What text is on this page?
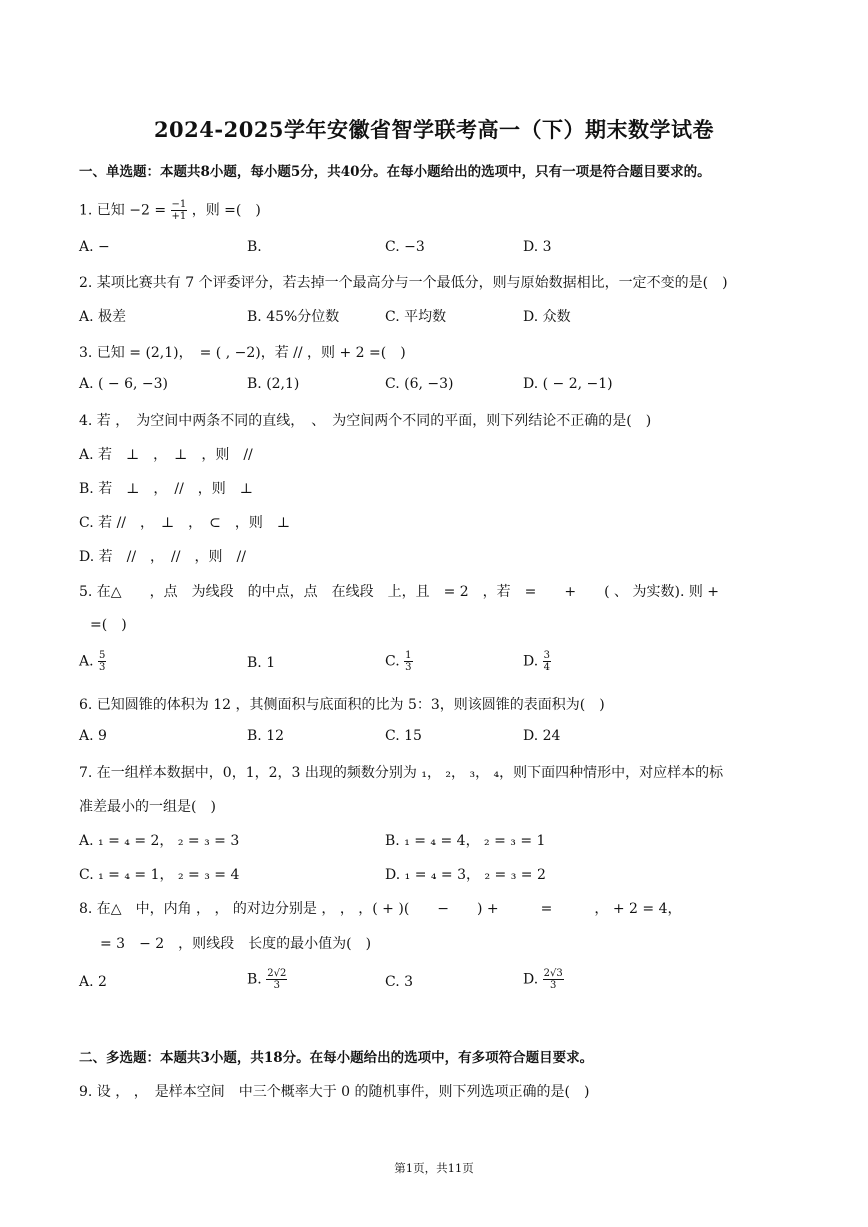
2024-2025学年安徽省智学联考高一（下）期末数学试卷
一、单选题：本题共8小题，每小题5分，共40分。在每小题给出的选项中，只有一项是符合题目要求的。
1. 已知 $-2 = \frac{-1}{+1}$ ，则 =(　)
A. −	B.	C. −3	D. 3
2. 某项比赛共有 7 个评委评分，若去掉一个最高分与一个最低分，则与原始数据相比，一定不变的是(　)
A. 极差	B. 45%分位数	C. 平均数	D. 众数
3. 已知 = (2,1)，　= ( , −2)，若 // ，则 + 2 =(　)
A. ( − 6, −3)	B. (2,1)	C. (6, −3)	D. ( − 2, −1)
4. 若 ，　为空间中两条不同的直线，　、　为空间两个不同的平面，则下列结论不正确的是(　)
A. 若　⊥　，　⊥　，则　//
B. 若　⊥　，　//　，则　⊥
C. 若 //　，　⊥　，　⊂　，则　⊥
D. 若　//　，　//　，则　//
5. 在△　　，点　为线段　的中点，点　在线段　上，且　= 2　，若　=　　+　　( 、 为实数). 则 +
=(　)
A. $\frac{5}{3}$	B. 1	C. $\frac{1}{3}$	D. $\frac{3}{4}$
6. 已知圆锥的体积为 12 ，其侧面积与底面积的比为 5：3，则该圆锥的表面积为(　)
A. 9	B. 12	C. 15	D. 24
7. 在一组样本数据中，0，1，2，3 出现的频数分别为 ₁， ₂， ₃， ₄，则下面四种情形中，对应样本的标
准差最小的一组是(　)
A. ₁ = ₄ = 2， ₂ = ₃ = 3	B. ₁ = ₄ = 4， ₂ = ₃ = 1
C. ₁ = ₄ = 1， ₂ = ₃ = 4	D. ₁ = ₄ = 3， ₂ = ₃ = 2
8. 在△　中，内角 ， ， 的对边分别是 ， ， ，( + )(　　−　　) +　　　=　　　， + 2 = 4，
= 3　− 2　，则线段　长度的最小值为(　)
A. 2	B. $\frac{2√2}{3}$	C. 3	D. $\frac{2√3}{3}$
二、多选题：本题共3小题，共18分。在每小题给出的选项中，有多项符合题目要求。
9. 设 ， ，　是样本空间　中三个概率大于 0 的随机事件，则下列选项正确的是(　)
第1页，共11页
